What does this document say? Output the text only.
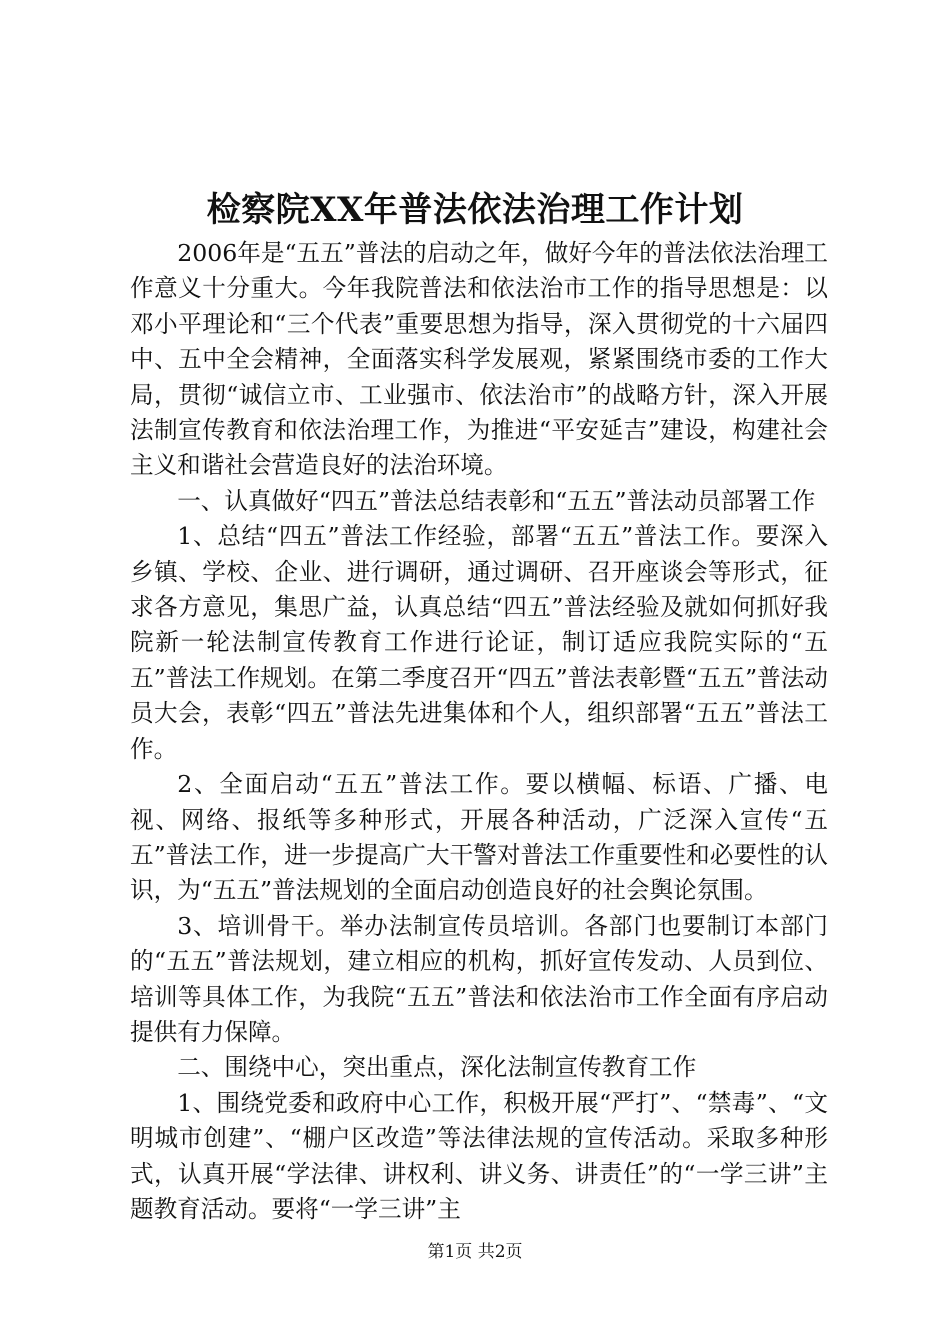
检察院XX年普法依法治理工作计划

2006年是“五五”普法的启动之年，做好今年的普法依法治理工作意义十分重大。今年我院普法和依法治市工作的指导思想是：以邓小平理论和“三个代表”重要思想为指导，深入贯彻党的十六届四中、五中全会精神，全面落实科学发展观，紧紧围绕市委的工作大局，贯彻“诚信立市、工业强市、依法治市”的战略方针，深入开展法制宣传教育和依法治理工作，为推进“平安延吉”建设，构建社会主义和谐社会营造良好的法治环境。

一、认真做好“四五”普法总结表彰和“五五”普法动员部署工作

1、总结“四五”普法工作经验，部署“五五”普法工作。要深入乡镇、学校、企业、进行调研，通过调研、召开座谈会等形式，征求各方意见，集思广益，认真总结“四五”普法经验及就如何抓好我院新一轮法制宣传教育工作进行论证，制订适应我院实际的“五五”普法工作规划。在第二季度召开“四五”普法表彰暨“五五”普法动员大会，表彰“四五”普法先进集体和个人，组织部署“五五”普法工作。

2、全面启动“五五”普法工作。要以横幅、标语、广播、电视、网络、报纸等多种形式，开展各种活动，广泛深入宣传“五五”普法工作，进一步提高广大干警对普法工作重要性和必要性的认识，为“五五”普法规划的全面启动创造良好的社会舆论氛围。

3、培训骨干。举办法制宣传员培训。各部门也要制订本部门的“五五”普法规划，建立相应的机构，抓好宣传发动、人员到位、培训等具体工作，为我院“五五”普法和依法治市工作全面有序启动提供有力保障。

二、围绕中心，突出重点，深化法制宣传教育工作

1、围绕党委和政府中心工作，积极开展“严打”、“禁毒”、“文明城市创建”、“棚户区改造”等法律法规的宣传活动。采取多种形式，认真开展“学法律、讲权利、讲义务、讲责任”的“一学三讲”主题教育活动。要将“一学三讲”主

第1页 共2页
